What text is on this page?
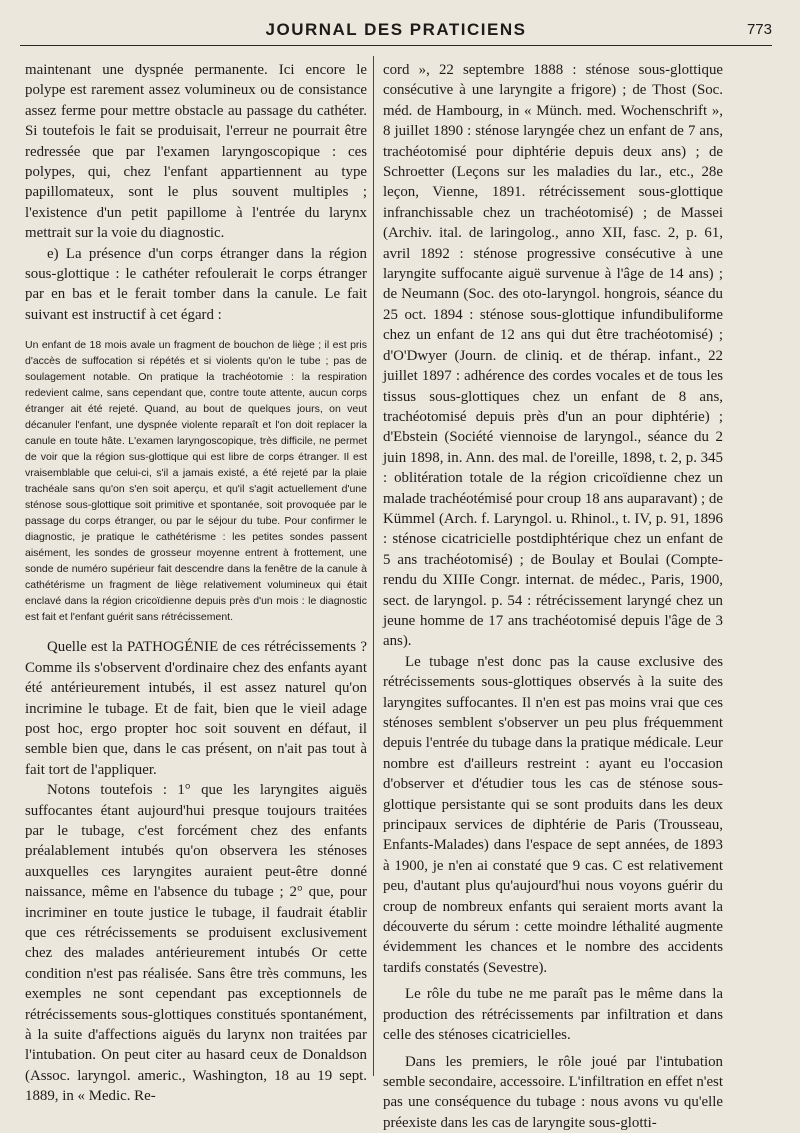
JOURNAL DES PRATICIENS	773

maintenant une dyspnée permanente. Ici encore le polype est rarement assez volumineux ou de consistance assez ferme pour mettre obstacle au passage du cathéter. Si toutefois le fait se produisait, l'erreur ne pourrait être redressée que par l'examen laryngoscopique : ces polypes, qui, chez l'enfant appartiennent au type papillomateux, sont le plus souvent multiples ; l'existence d'un petit papillome à l'entrée du larynx mettrait sur la voie du diagnostic.

e) La présence d'un corps étranger dans la région sous-glottique : le cathéter refoulerait le corps étranger par en bas et le ferait tomber dans la canule. Le fait suivant est instructif à cet égard :

Un enfant de 18 mois avale un fragment de bouchon de liège ; il est pris d'accès de suffocation si répétés et si violents qu'on le tube ; pas de soulagement notable. On pratique la trachéotomie : la respiration redevient calme, sans cependant que, contre toute attente, aucun corps étranger ait été rejeté. Quand, au bout de quelques jours, on veut décanuler l'enfant, une dyspnée violente reparaît et l'on doit replacer la canule en toute hâte. L'examen laryngoscopique, très difficile, ne permet de voir que la région sus-glottique qui est libre de corps étranger. Il est vraisemblable que celui-ci, s'il a jamais existé, a été rejeté par la plaie trachéale sans qu'on s'en soit aperçu, et qu'il s'agit actuellement d'une sténose sous-glottique soit primitive et spontanée, soit provoquée par le passage du corps étranger, ou par le séjour du tube. Pour confirmer le diagnostic, je pratique le cathétérisme : les petites sondes passent aisément, les sondes de grosseur moyenne entrent à frottement, une sonde de numéro supérieur fait descendre dans la fenêtre de la canule à cathétérisme un fragment de liège relativement volumineux qui était enclavé dans la région cricoïdienne depuis près d'un mois : le diagnostic est fait et l'enfant guérit sans rétrécissement.

Quelle est la PATHOGÉNIE de ces rétrécissements ? Comme ils s'observent d'ordinaire chez des enfants ayant été antérieurement intubés, il est assez naturel qu'on incrimine le tubage. Et de fait, bien que le vieil adage post hoc, ergo propter hoc soit souvent en défaut, il semble bien que, dans le cas présent, on n'ait pas tout à fait tort de l'appliquer.

Notons toutefois : 1° que les laryngites aiguës suffocantes étant aujourd'hui presque toujours traitées par le tubage, c'est forcément chez des enfants préalablement intubés qu'on observera les sténoses auxquelles ces laryngites auraient peut-être donné naissance, même en l'absence du tubage ; 2° que, pour incriminer en toute justice le tubage, il faudrait établir que ces rétrécissements se produisent exclusivement chez des malades antérieurement intubés Or cette condition n'est pas réalisée. Sans être très communs, les exemples ne sont cependant pas exceptionnels de rétrécissements sous-glottiques constitués spontanément, à la suite d'affections aiguës du larynx non traitées par l'intubation. On peut citer au hasard ceux de Donaldson (Assoc. laryngol. americ., Washington, 18 au 19 sept. 1889, in « Medic. Re-

cord », 22 septembre 1888 : sténose sous-glottique consécutive à une laryngite a frigore) ; de Thost (Soc. méd. de Hambourg, in « Münch. med. Wochenschrift », 8 juillet 1890 : sténose laryngée chez un enfant de 7 ans, trachéotomisé pour diphtérie depuis deux ans) ; de Schroetter (Leçons sur les maladies du lar., etc., 28e leçon, Vienne, 1891. rétrécissement sous-glottique infranchissable chez un trachéotomisé) ; de Massei (Archiv. ital. de laringolog., anno XII, fasc. 2, p. 61, avril 1892 : sténose progressive consécutive à une laryngite suffocante aiguë survenue à l'âge de 14 ans) ; de Neumann (Soc. des oto-laryngol. hongrois, séance du 25 oct. 1894 : sténose sous-glottique infundibuliforme chez un enfant de 12 ans qui dut être trachéotomisé) ; d'O'Dwyer (Journ. de cliniq. et de thérap. infant., 22 juillet 1897 : adhérence des cordes vocales et de tous les tissus sous-glottiques chez un enfant de 8 ans, trachéotomisé depuis près d'un an pour diphtérie) ; d'Ebstein (Société viennoise de laryngol., séance du 2 juin 1898, in. Ann. des mal. de l'oreille, 1898, t. 2, p. 345 : oblitération totale de la région cricoïdienne chez un malade trachéotémisé pour croup 18 ans auparavant) ; de Kümmel (Arch. f. Laryngol. u. Rhinol., t. IV, p. 91, 1896 : sténose cicatricielle postdiphtérique chez un enfant de 5 ans trachéotomisé) ; de Boulay et Boulai (Compte-rendu du XIIIe Congr. internat. de médec., Paris, 1900, sect. de laryngol. p. 54 : rétrécissement laryngé chez un jeune homme de 17 ans trachéotomisé depuis l'âge de 3 ans).

Le tubage n'est donc pas la cause exclusive des rétrécissements sous-glottiques observés à la suite des laryngites suffocantes. Il n'en est pas moins vrai que ces sténoses semblent s'observer un peu plus fréquemment depuis l'entrée du tubage dans la pratique médicale. Leur nombre est d'ailleurs restreint : ayant eu l'occasion d'observer et d'étudier tous les cas de sténose sous-glottique persistante qui se sont produits dans les deux principaux services de diphtérie de Paris (Trousseau, Enfants-Malades) dans l'espace de sept années, de 1893 à 1900, je n'en ai constaté que 9 cas. C est relativement peu, d'autant plus qu'aujourd'hui nous voyons guérir du croup de nombreux enfants qui seraient morts avant la découverte du sérum : cette moindre léthalité augmente évidemment les chances et le nombre des accidents tardifs constatés (Sevestre).

Le rôle du tube ne me paraît pas le même dans la production des rétrécissements par infiltration et dans celle des sténoses cicatricielles.

Dans les premiers, le rôle joué par l'intubation semble secondaire, accessoire. L'infiltration en effet n'est pas une conséquence du tubage : nous avons vu qu'elle préexiste dans les cas de laryngite sous-glotti-
